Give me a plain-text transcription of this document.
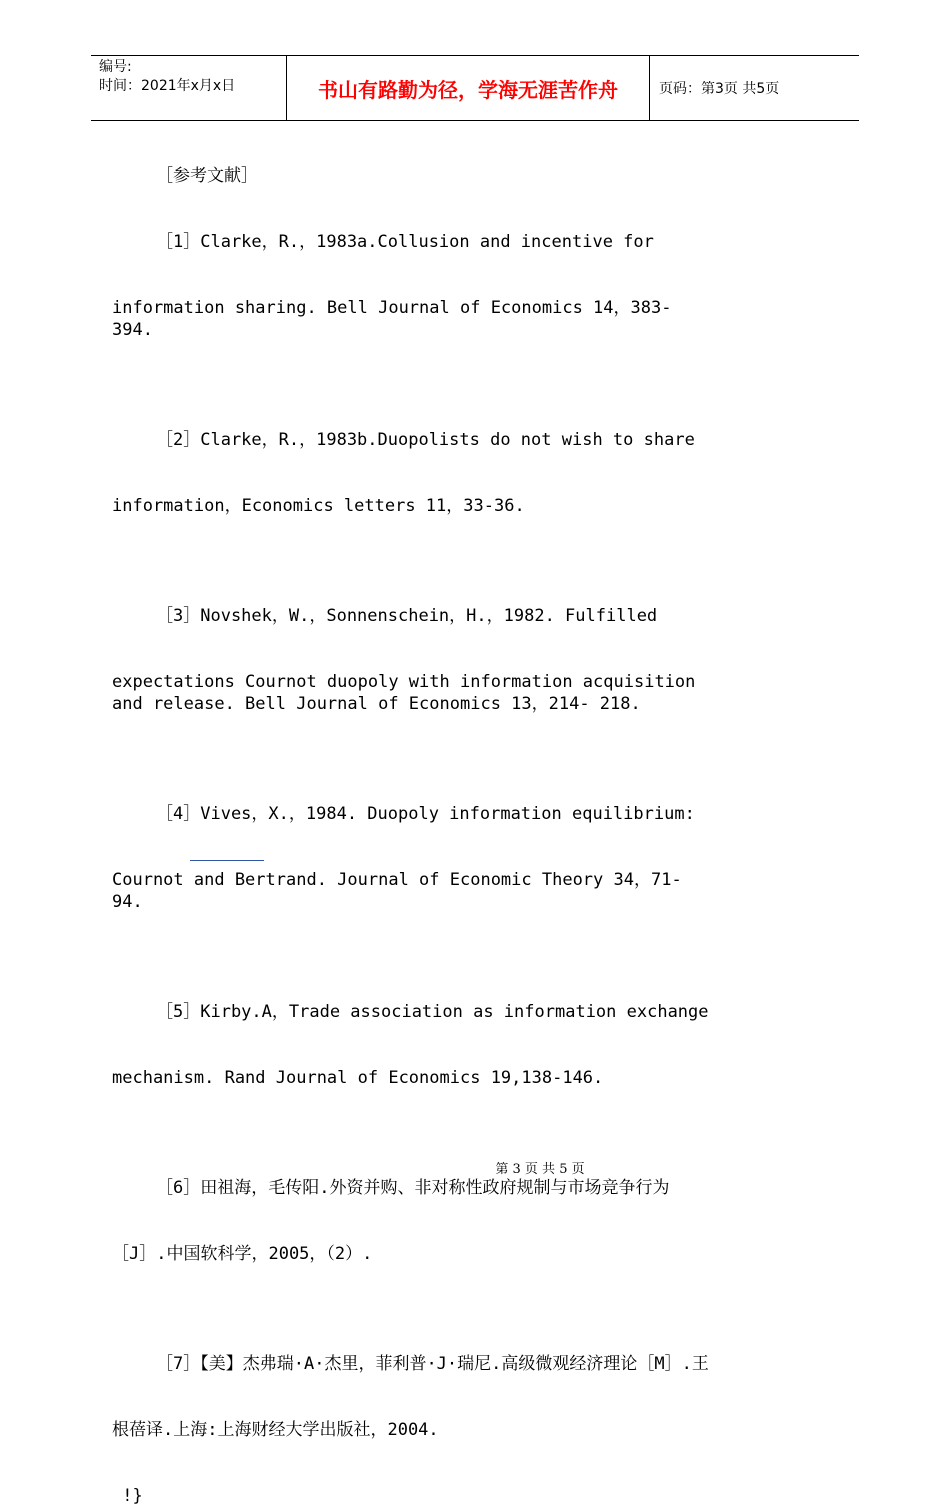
编号:
时间：2021年x月x日	书山有路勤为径，学海无涯苦作舟	页码：第3页 共5页
［参考文献］

［1］Clarke，R.，1983a.Collusion and incentive for

information sharing. Bell Journal of Economics 14，383-
394.

［2］Clarke，R.，1983b.Duopolists do not wish to share

information，Economics letters 11，33-36.

［3］Novshek，W.，Sonnenschein，H.，1982. Fulfilled

expectations Cournot duopoly with information acquisition
and release. Bell Journal of Economics 13，214- 218.

［4］Vives，X.，1984. Duopoly information equilibrium:

Cournot and Bertrand. Journal of Economic Theory 34，71-
94.

［5］Kirby.A，Trade association as information exchange

mechanism. Rand Journal of Economics 19,138-146.

［6］田祖海，毛传阳.外资并购、非对称性政府规制与市场竞争行为

［J］.中国软科学，2005，（2）.

［7］【美】杰弗瑞·A·杰里，菲利普·J·瑞尼.高级微观经济理论［M］.王

根蓓译.上海:上海财经大学出版社，2004.

!}
第 3 页 共 5 页
